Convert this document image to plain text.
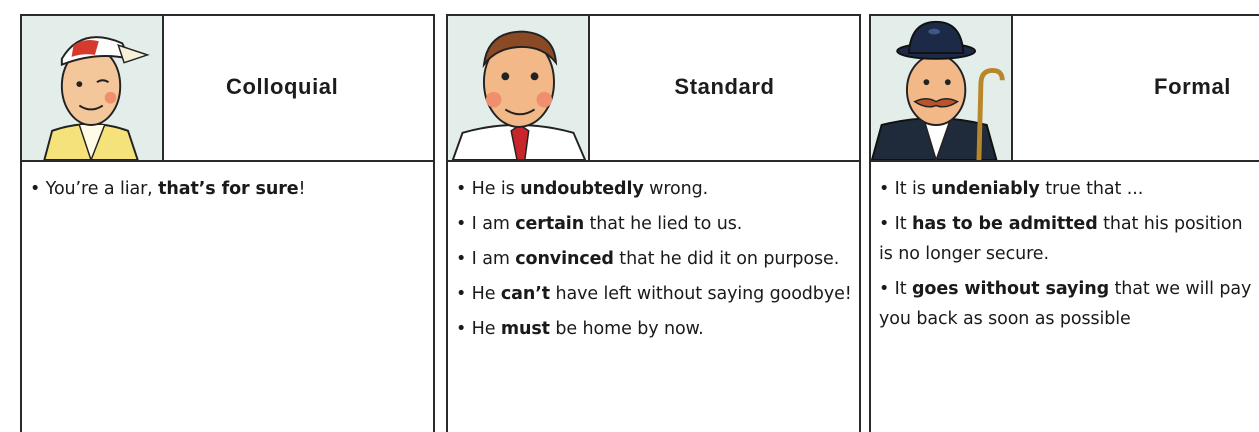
Colloquial
• You’re a liar, that’s for sure!
Standard
• He is undoubtedly wrong.
• I am certain that he lied to us.
• I am convinced that he did it on purpose.
• He can’t have left without saying goodbye!
• He must be home by now.
Formal
• It is undeniably true that ...
• It has to be admitted that his position is no longer secure.
• It goes without saying that we will pay you back as soon as possible
